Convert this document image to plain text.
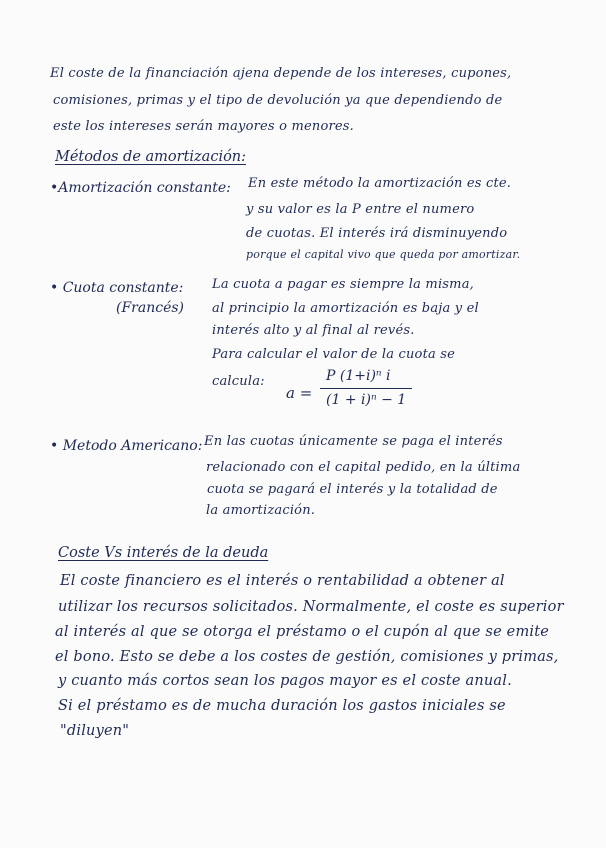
El coste de la financiación ajena depende de los intereses, cupones,
comisiones, primas y el tipo de devolución ya que dependiendo de
este los intereses serán mayores o menores.
Métodos de amortización:
•Amortización constante: En este método la amortización es cte.
y su valor es la P entre el numero
de cuotas. El interés irá disminuyendo
porque el capital vivo que queda por amortizar.
• Cuota constante:
(Francés)
La cuota a pagar es siempre la misma,
al principio la amortización es baja y el
interés alto y al final al revés.
Para calcular el valor de la cuota se
calcula:
a =
P (1+i)ⁿ i
(1 + i)ⁿ − 1
• Metodo Americano: En las cuotas únicamente se paga el interés
relacionado con el capital pedido, en la última
cuota se pagará el interés y la totalidad de
la amortización.
Coste Vs interés de la deuda
El coste financiero es el interés o rentabilidad a obtener al
utilizar los recursos solicitados. Normalmente, el coste es superior
al interés al que se otorga el préstamo o el cupón al que se emite
el bono. Esto se debe a los costes de gestión, comisiones y primas,
y cuanto más cortos sean los pagos mayor es el coste anual.
Si el préstamo es de mucha duración los gastos iniciales se
"diluyen"
